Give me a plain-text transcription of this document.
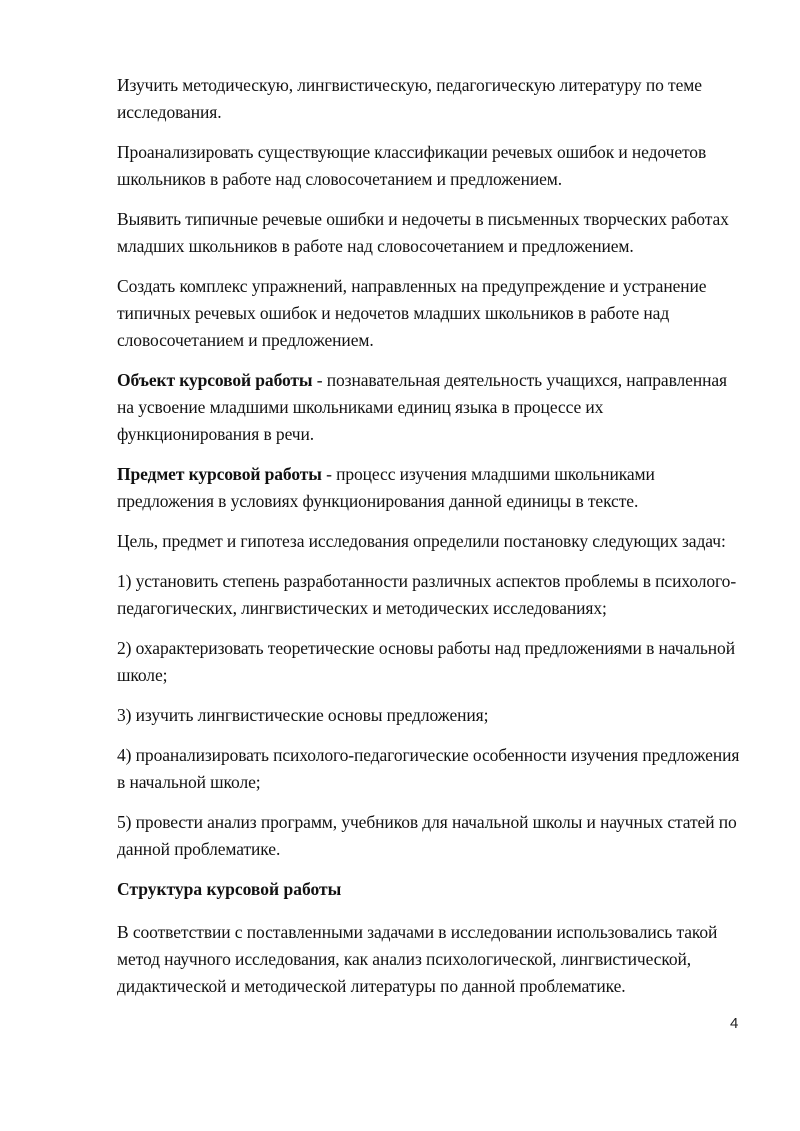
Изучить методическую, лингвистическую, педагогическую литературу по теме исследования.

Проанализировать существующие классификации речевых ошибок и недочетов школьников в работе над словосочетанием и предложением.

Выявить типичные речевые ошибки и недочеты в письменных творческих работах младших школьников в работе над словосочетанием и предложением.

Создать комплекс упражнений, направленных на предупреждение и устранение типичных речевых ошибок и недочетов младших школьников в работе над словосочетанием и предложением.

Объект курсовой работы - познавательная деятельность учащихся, направленная на усвоение младшими школьниками единиц языка в процессе их функционирования в речи.

Предмет курсовой работы - процесс изучения младшими школьниками предложения в условиях функционирования данной единицы в тексте.

Цель, предмет и гипотеза исследования определили постановку следующих задач:

1) установить степень разработанности различных аспектов проблемы в психолого-педагогических, лингвистических и методических исследованиях;

2) охарактеризовать теоретические основы работы над предложениями в начальной школе;

3) изучить лингвистические основы предложения;

4) проанализировать психолого-педагогические особенности изучения предложения в начальной школе;

5) провести анализ программ, учебников для начальной школы и научных статей по данной проблематике.

Структура курсовой работы

В соответствии с поставленными задачами в исследовании использовались такой метод научного исследования, как анализ психологической, лингвистической, дидактической и методической литературы по данной проблематике.

4
